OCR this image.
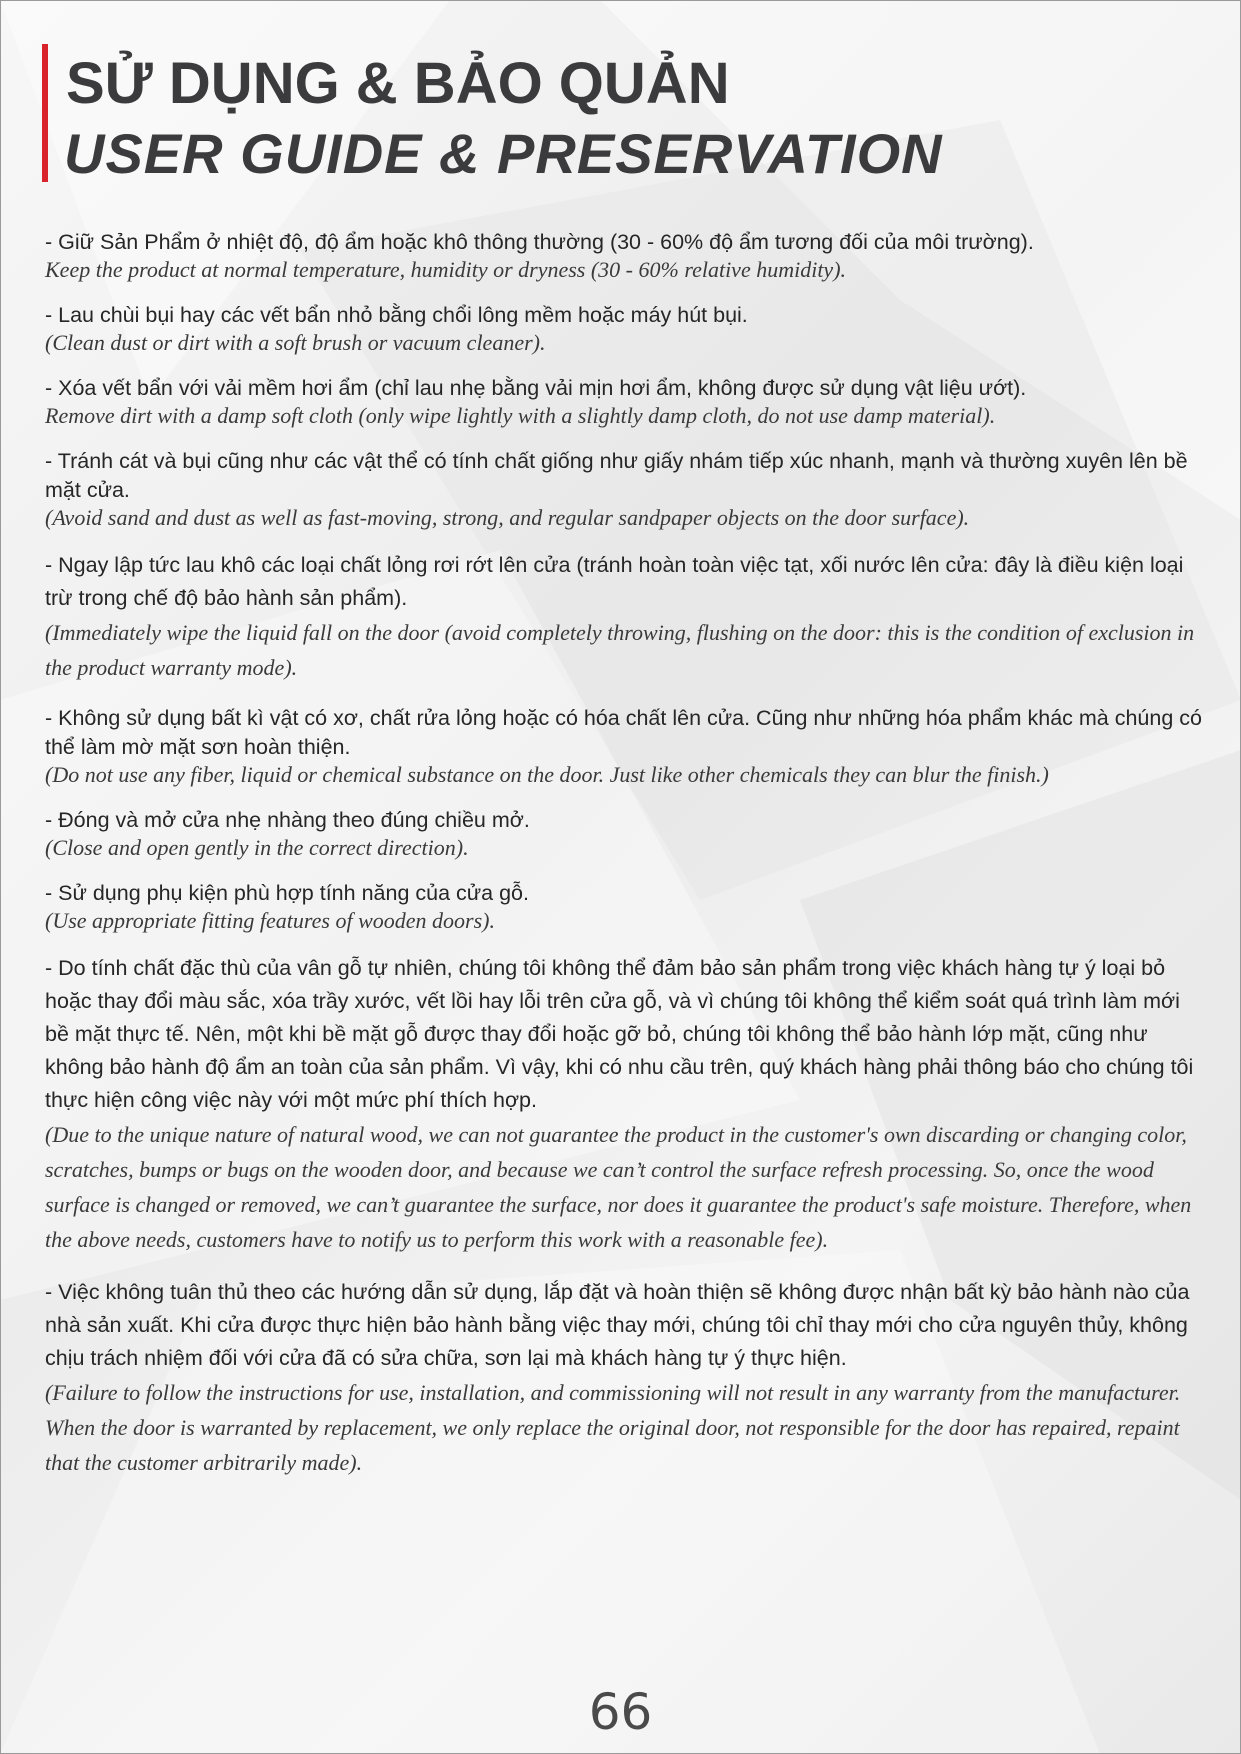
SỬ DỤNG & BẢO QUẢN
USER GUIDE & PRESERVATION

- Giữ Sản Phẩm ở nhiệt độ, độ ẩm hoặc khô thông thường (30 - 60% độ ẩm tương đối của môi trường).

Keep the product at normal temperature, humidity or dryness (30 - 60% relative humidity).

- Lau chùi bụi hay các vết bẩn nhỏ bằng chổi lông mềm hoặc máy hút bụi.

(Clean dust or dirt with a soft brush or vacuum cleaner).

- Xóa vết bẩn với vải mềm hơi ẩm (chỉ lau nhẹ bằng vải mịn hơi ẩm, không được sử dụng vật liệu ướt).

Remove dirt with a damp soft cloth (only wipe lightly with a slightly damp cloth, do not use damp material).

- Tránh cát và bụi cũng như các vật thể có tính chất giống như giấy nhám tiếp xúc nhanh, mạnh và thường xuyên lên bề mặt cửa.

(Avoid sand and dust as well as fast-moving, strong, and regular sandpaper objects on the door surface).

- Ngay lập tức lau khô các loại chất lỏng rơi rớt lên cửa (tránh hoàn toàn việc tạt, xối nước lên cửa: đây là điều kiện loại trừ trong chế độ bảo hành sản phẩm).

(Immediately wipe the liquid fall on the door (avoid completely throwing, flushing on the door: this is the condition of exclusion in the product warranty mode).

- Không sử dụng bất kì vật có xơ, chất rửa lỏng hoặc có hóa chất lên cửa. Cũng như những hóa phẩm khác mà chúng có thể làm mờ mặt sơn hoàn thiện.

(Do not use any fiber, liquid or chemical substance on the door. Just like other chemicals they can blur the finish.)

- Đóng và mở cửa nhẹ nhàng theo đúng chiều mở.

(Close and open gently in the correct direction).

- Sử dụng phụ kiện phù hợp tính năng của cửa gỗ.

(Use appropriate fitting features of wooden doors).

- Do tính chất đặc thù của vân gỗ tự nhiên, chúng tôi không thể đảm bảo sản phẩm trong việc khách hàng tự ý loại bỏ hoặc thay đổi màu sắc, xóa trầy xước, vết lồi hay lỗi trên cửa gỗ, và vì chúng tôi không thể kiểm soát quá trình làm mới bề mặt thực tế. Nên, một khi bề mặt gỗ được thay đổi hoặc gỡ bỏ, chúng tôi không thể bảo hành lớp mặt, cũng như không bảo hành độ ẩm an toàn của sản phẩm. Vì vậy, khi có nhu cầu trên, quý khách hàng phải thông báo cho chúng tôi thực hiện công việc này với một mức phí thích hợp.

(Due to the unique nature of natural wood, we can not guarantee the product in the customer's own discarding or changing color, scratches, bumps or bugs on the wooden door, and because we can’t control the surface refresh processing. So, once the wood surface is changed or removed, we can’t guarantee the surface, nor does it guarantee the product's safe moisture. Therefore, when the above needs, customers have to notify us to perform this work with a reasonable fee).

- Việc không tuân thủ theo các hướng dẫn sử dụng, lắp đặt và hoàn thiện sẽ không được nhận bất kỳ bảo hành nào của nhà sản xuất. Khi cửa được thực hiện bảo hành bằng việc thay mới, chúng tôi chỉ thay mới cho cửa nguyên thủy, không chịu trách nhiệm đối với cửa đã có sửa chữa, sơn lại mà khách hàng tự ý thực hiện.

(Failure to follow the instructions for use, installation, and commissioning will not result in any warranty from the manufacturer. When the door is warranted by replacement, we only replace the original door, not responsible for the door has repaired, repaint that the customer arbitrarily made).

66
